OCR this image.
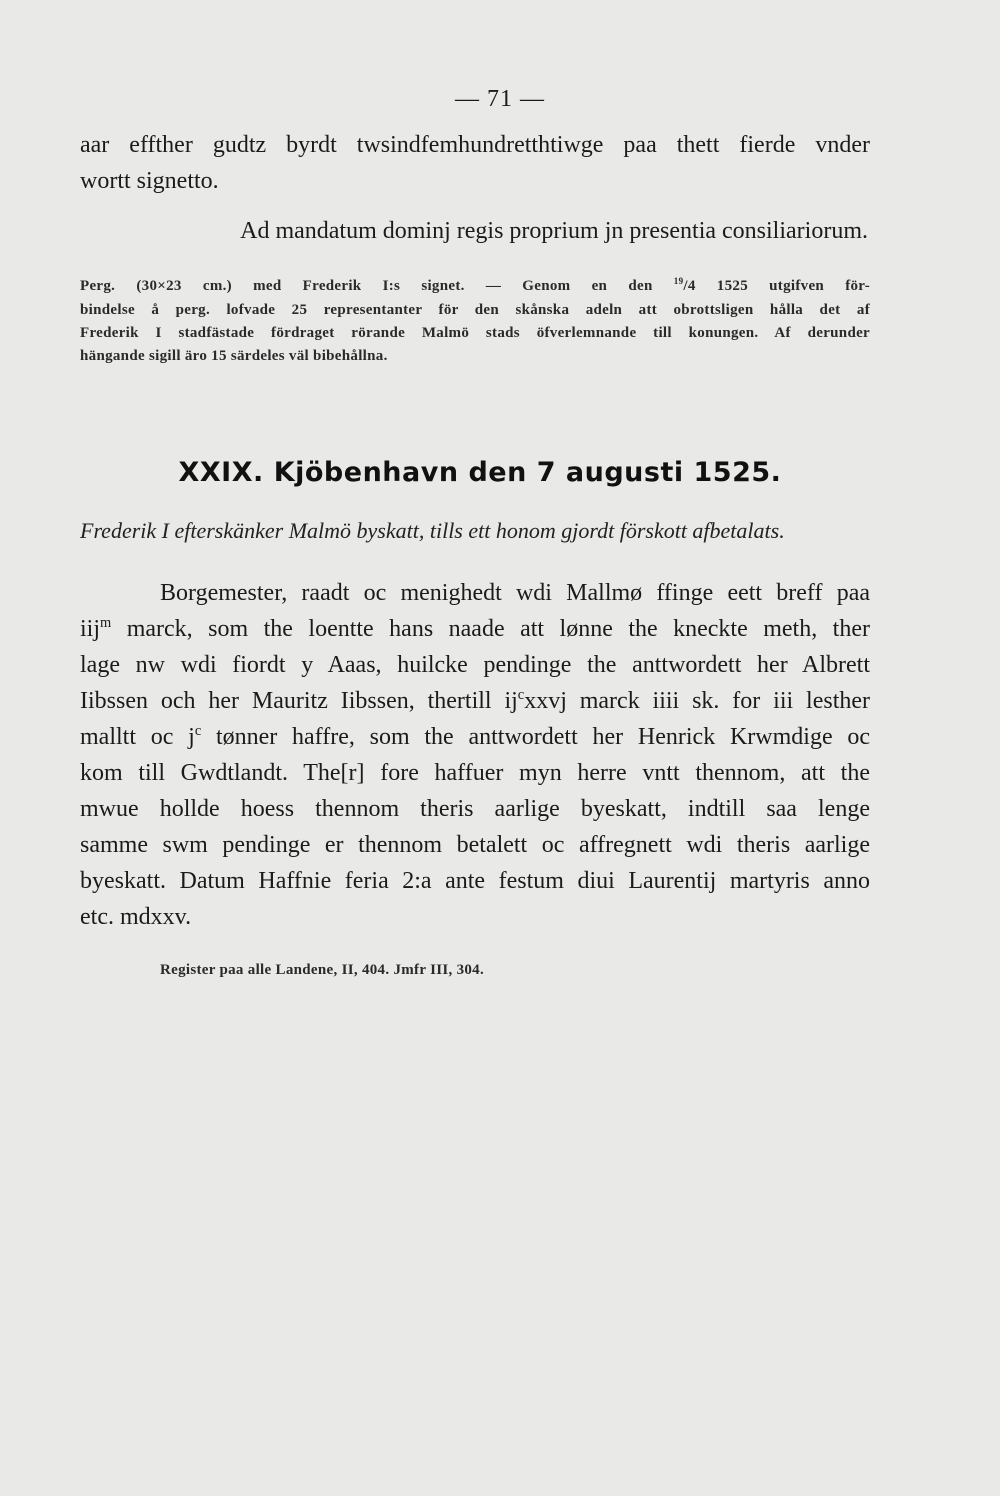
— 71 —
aar effther gudtz byrdt twsindfemhundretthtiwge paa thett fierde vnder
wortt signetto.
Ad mandatum dominj regis proprium jn presentia consiliariorum.
Perg. (30×23 cm.) med Frederik I:s signet. — Genom en den $^{19}$/4 1525 utgifven för-
bindelse å perg. lofvade 25 representanter för den skånska adeln att obrottsligen hålla det af
Frederik I stadfästade fördraget rörande Malmö stads öfverlemnande till konungen. Af derunder
hängande sigill äro 15 särdeles väl bibehållna.
XXIX. Kjöbenhavn den 7 augusti 1525.
Frederik I efterskänker Malmö byskatt, tills ett honom gjordt förskott afbetalats.
Borgemester, raadt oc menighedt wdi Mallmø ffinge eett breff paa
iij$^m$ marck, som the loentte hans naade att lønne the kneckte meth, ther
lage nw wdi fiordt y Aaas, huilcke pendinge the anttwordett her Albrett
Iibssen och her Mauritz Iibssen, thertill $ij^cxxvj$ marck iiii sk. for iii lesther
malltt oc $j^c$ tønner haffre, som the anttwordett her Henrick Krwmdige oc
kom till Gwdtlandt. The[r] fore haffuer myn herre vntt thennom, att the
mwue hollde hoess thennom theris aarlige byeskatt, indtill saa lenge
samme swm pendinge er thennom betalett oc affregnett wdi theris aarlige
byeskatt. Datum Haffnie feria 2:a ante festum diui Laurentij martyris anno
etc. mdxxv.
Register paa alle Landene, II, 404. Jmfr III, 304.
